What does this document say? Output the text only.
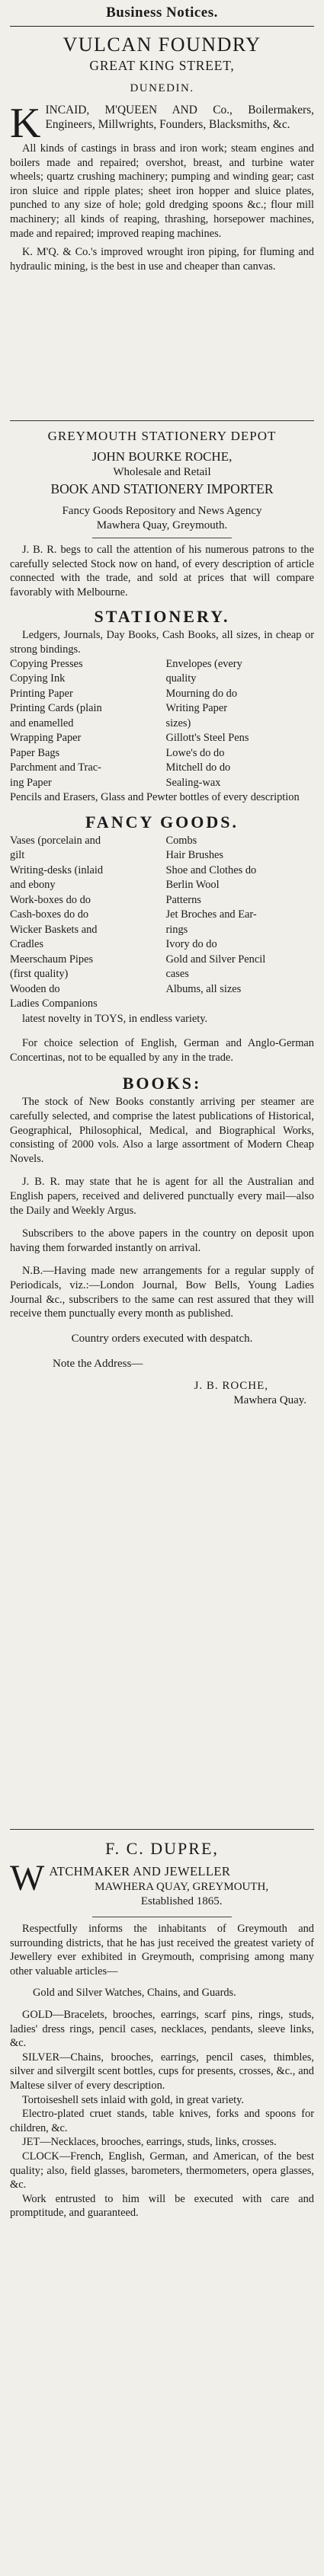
Business Notices.

VULCAN FOUNDRY

GREAT KING STREET,

DUNEDIN.

K INCAID, M'QUEEN AND Co., Boilermakers, Engineers, Millwrights, Founders, Blacksmiths, &c.

All kinds of castings in brass and iron work; steam engines and boilers made and repaired; overshot, breast, and turbine water wheels; quartz crushing machinery; pumping and winding gear; cast iron sluice and ripple plates; sheet iron hopper and sluice plates, punched to any size of hole; gold dredging spoons &c.; flour mill machinery; all kinds of reaping, thrashing, horsepower machines, made and repaired; improved reaping machines.

K. M'Q. & Co.'s improved wrought iron piping, for fluming and hydraulic mining, is the best in use and cheaper than canvas.

GREYMOUTH STATIONERY DEPOT

JOHN BOURKE ROCHE,

Wholesale and Retail

BOOK AND STATIONERY IMPORTER

Fancy Goods Repository and News Agency

Mawhera Quay, Greymouth.

J. B. R. begs to call the attention of his numerous patrons to the carefully selected Stock now on hand, of every description of article connected with the trade, and sold at prices that will compare favorably with Melbourne.

STATIONERY.

Ledgers, Journals, Day Books, Cash Books, all sizes, in cheap or strong bindings.

Copying Presses
Copying Ink
Printing Paper
Printing Cards (plain
and enamelled
Wrapping Paper
Paper Bags
Parchment and Trac-
ing Paper
Envelopes (every
quality
Mourning do do
Writing Paper
sizes)
Gillott's Steel Pens
Lowe's do do
Mitchell do do
Sealing-wax

Pencils and Erasers, Glass and Pewter bottles of every description

FANCY GOODS.

Vases (porcelain and
gilt
Writing-desks (inlaid
and ebony
Work-boxes do do
Cash-boxes do do
Wicker Baskets and
Cradles
Meerschaum Pipes
(first quality)
Wooden do
Ladies Companions
Combs
Hair Brushes
Shoe and Clothes do
Berlin Wool
Patterns
Jet Broches and Ear-
rings
Ivory do do
Gold and Silver Pencil
cases
Albums, all sizes

latest novelty in TOYS, in endless variety.

For choice selection of English, German and Anglo-German Concertinas, not to be equalled by any in the trade.

BOOKS:

The stock of New Books constantly arriving per steamer are carefully selected, and comprise the latest publications of Historical, Geographical, Philosophical, Medical, and Biographical Works, consisting of 2000 vols. Also a large assortment of Modern Cheap Novels.

J. B. R. may state that he is agent for all the Australian and English papers, received and delivered punctually every mail—also the Daily and Weekly Argus.

Subscribers to the above papers in the country on deposit upon having them forwarded instantly on arrival.

N.B.—Having made new arrangements for a regular supply of Periodicals, viz.:—London Journal, Bow Bells, Young Ladies Journal &c., subscribers to the same can rest assured that they will receive them punctually every month as published.

Country orders executed with despatch.

Note the Address—

J. B. ROCHE,

Mawhera Quay.

F. C. DUPRE,

W ATCHMAKER AND JEWELLER

MAWHERA QUAY, GREYMOUTH,

Established 1865.

Respectfully informs the inhabitants of Greymouth and surrounding districts, that he has just received the greatest variety of Jewellery ever exhibited in Greymouth, comprising among many other valuable articles—

Gold and Silver Watches, Chains, and Guards.

GOLD—Bracelets, brooches, earrings, scarf pins, rings, studs, ladies' dress rings, pencil cases, necklaces, pendants, sleeve links, &c.

SILVER—Chains, brooches, earrings, pencil cases, thimbles, silver and silvergilt scent bottles, cups for presents, crosses, &c., and Maltese silver of every description.

Tortoiseshell sets inlaid with gold, in great variety.

Electro-plated cruet stands, table knives, forks and spoons for children, &c.

JET—Necklaces, brooches, earrings, studs, links, crosses.

CLOCK—French, English, German, and American, of the best quality; also, field glasses, barometers, thermometers, opera glasses, &c.

Work entrusted to him will be executed with care and promptitude, and guaranteed.
